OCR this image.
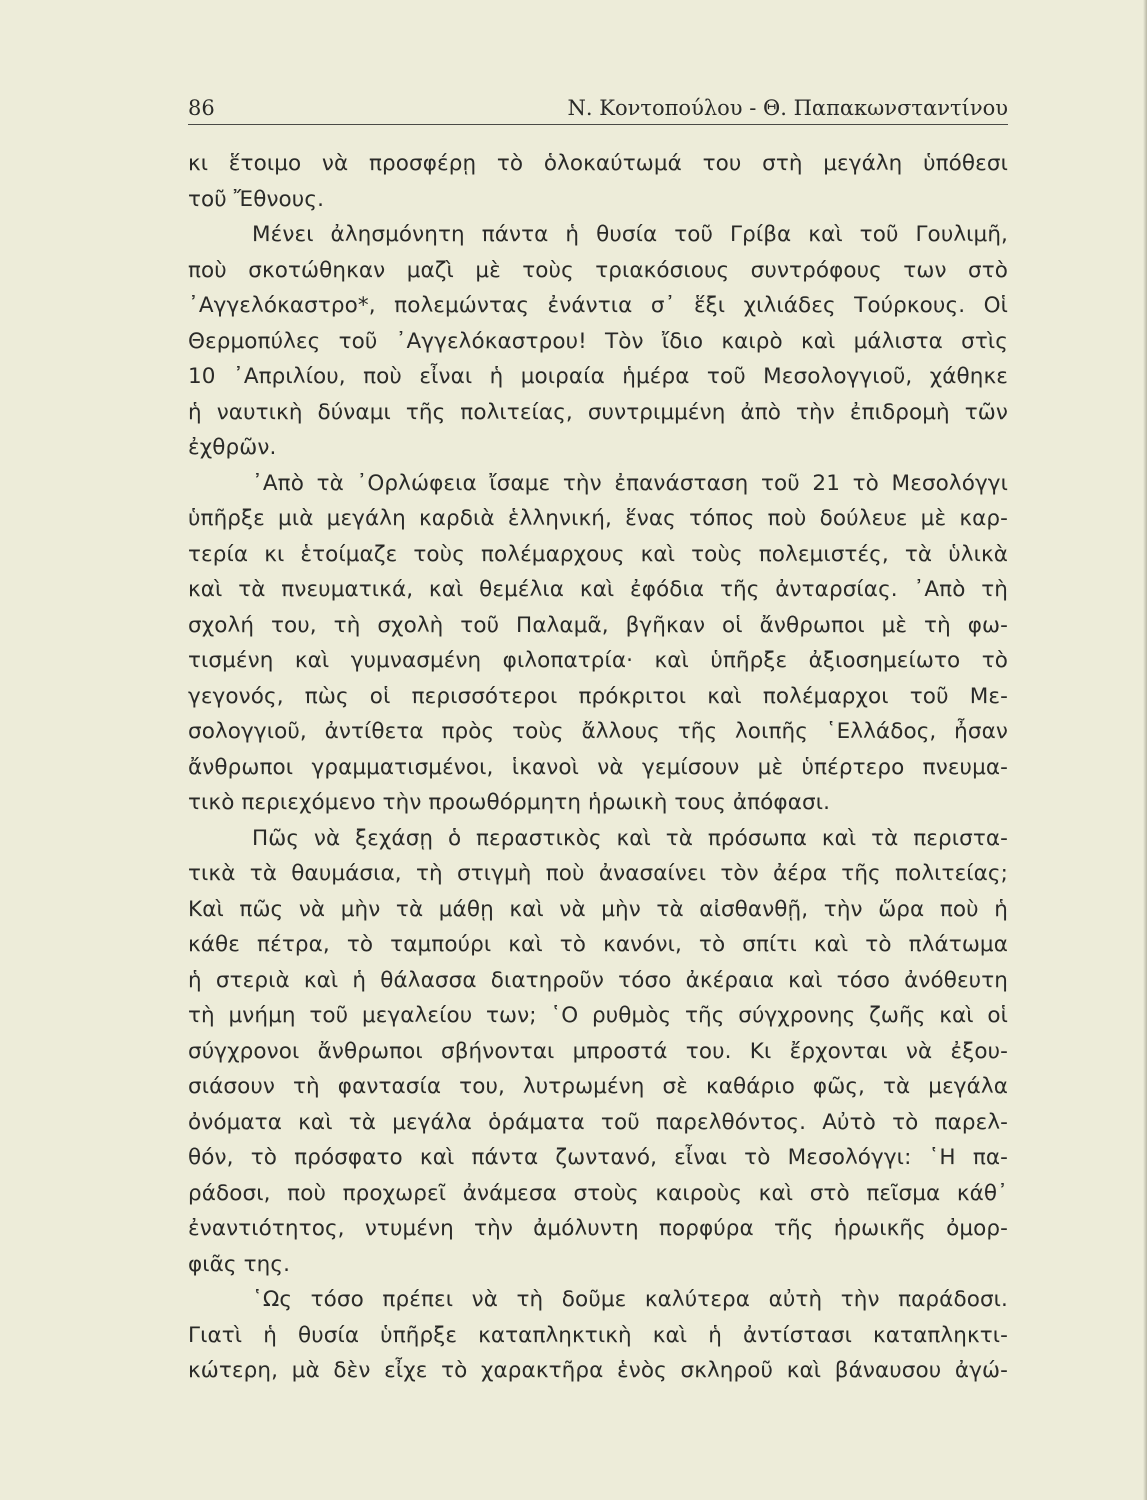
86	Ν. Κοντοπούλου - Θ. Παπακωνσταντίνου
κι ἕτοιμο νὰ προσφέρῃ τὸ ὁλοκαύτωμά του στὴ μεγάλη ὑπόθεσι
τοῦ Ἔθνους.
Μένει ἀλησμόνητη πάντα ἡ θυσία τοῦ Γρίβα καὶ τοῦ Γουλιμῆ,
ποὺ σκοτώθηκαν μαζὶ μὲ τοὺς τριακόσιους συντρόφους των στὸ
᾿Αγγελόκαστρο*, πολεμώντας ἐνάντια σ᾿ ἕξι χιλιάδες Τούρκους. Οἱ
Θερμοπύλες τοῦ ᾿Αγγελόκαστρου! Τὸν ἴδιο καιρὸ καὶ μάλιστα στὶς
10 ᾿Απριλίου, ποὺ εἶναι ἡ μοιραία ἡμέρα τοῦ Μεσολογγιοῦ, χάθηκε
ἡ ναυτικὴ δύναμι τῆς πολιτείας, συντριμμένη ἀπὸ τὴν ἐπιδρομὴ τῶν
ἐχθρῶν.
᾿Απὸ τὰ ᾿Ορλώφεια ἴσαμε τὴν ἐπανάσταση τοῦ 21 τὸ Μεσολόγγι
ὑπῆρξε μιὰ μεγάλη καρδιὰ ἑλληνική, ἕνας τόπος ποὺ δούλευε μὲ καρ-
τερία κι ἑτοίμαζε τοὺς πολέμαρχους καὶ τοὺς πολεμιστές, τὰ ὑλικὰ
καὶ τὰ πνευματικά, καὶ θεμέλια καὶ ἐφόδια τῆς ἀνταρσίας. ᾿Απὸ τὴ
σχολή του, τὴ σχολὴ τοῦ Παλαμᾶ, βγῆκαν οἱ ἄνθρωποι μὲ τὴ φω-
τισμένη καὶ γυμνασμένη φιλοπατρία· καὶ ὑπῆρξε ἀξιοσημείωτο τὸ
γεγονός, πὼς οἱ περισσότεροι πρόκριτοι καὶ πολέμαρχοι τοῦ Με-
σολογγιοῦ, ἀντίθετα πρὸς τοὺς ἄλλους τῆς λοιπῆς ῾Ελλάδος, ἦσαν
ἄνθρωποι γραμματισμένοι, ἱκανοὶ νὰ γεμίσουν μὲ ὑπέρτερο πνευμα-
τικὸ περιεχόμενο τὴν προωθόρμητη ἡρωικὴ τους ἀπόφασι.
Πῶς νὰ ξεχάσῃ ὁ περαστικὸς καὶ τὰ πρόσωπα καὶ τὰ περιστα-
τικὰ τὰ θαυμάσια, τὴ στιγμὴ ποὺ ἀνασαίνει τὸν ἀέρα τῆς πολιτείας;
Καὶ πῶς νὰ μὴν τὰ μάθῃ καὶ νὰ μὴν τὰ αἰσθανθῇ, τὴν ὥρα ποὺ ἡ
κάθε πέτρα, τὸ ταμπούρι καὶ τὸ κανόνι, τὸ σπίτι καὶ τὸ πλάτωμα
ἡ στεριὰ καὶ ἡ θάλασσα διατηροῦν τόσο ἀκέραια καὶ τόσο ἀνόθευτη
τὴ μνήμη τοῦ μεγαλείου των; ῾Ο ρυθμὸς τῆς σύγχρονης ζωῆς καὶ οἱ
σύγχρονοι ἄνθρωποι σβήνονται μπροστά του. Κι ἔρχονται νὰ ἐξου-
σιάσουν τὴ φαντασία του, λυτρωμένη σὲ καθάριο φῶς, τὰ μεγάλα
ὀνόματα καὶ τὰ μεγάλα ὁράματα τοῦ παρελθόντος. Αὐτὸ τὸ παρελ-
θόν, τὸ πρόσφατο καὶ πάντα ζωντανό, εἶναι τὸ Μεσολόγγι: ῾Η πα-
ράδοσι, ποὺ προχωρεῖ ἀνάμεσα στοὺς καιροὺς καὶ στὸ πεῖσμα κάθ᾿
ἐναντιότητος, ντυμένη τὴν ἀμόλυντη πορφύρα τῆς ἡρωικῆς ὀμορ-
φιᾶς της.
῾Ως τόσο πρέπει νὰ τὴ δοῦμε καλύτερα αὐτὴ τὴν παράδοσι.
Γιατὶ ἡ θυσία ὑπῆρξε καταπληκτικὴ καὶ ἡ ἀντίστασι καταπληκτι-
κώτερη, μὰ δὲν εἶχε τὸ χαρακτῆρα ἑνὸς σκληροῦ καὶ βάναυσου ἀγώ-
